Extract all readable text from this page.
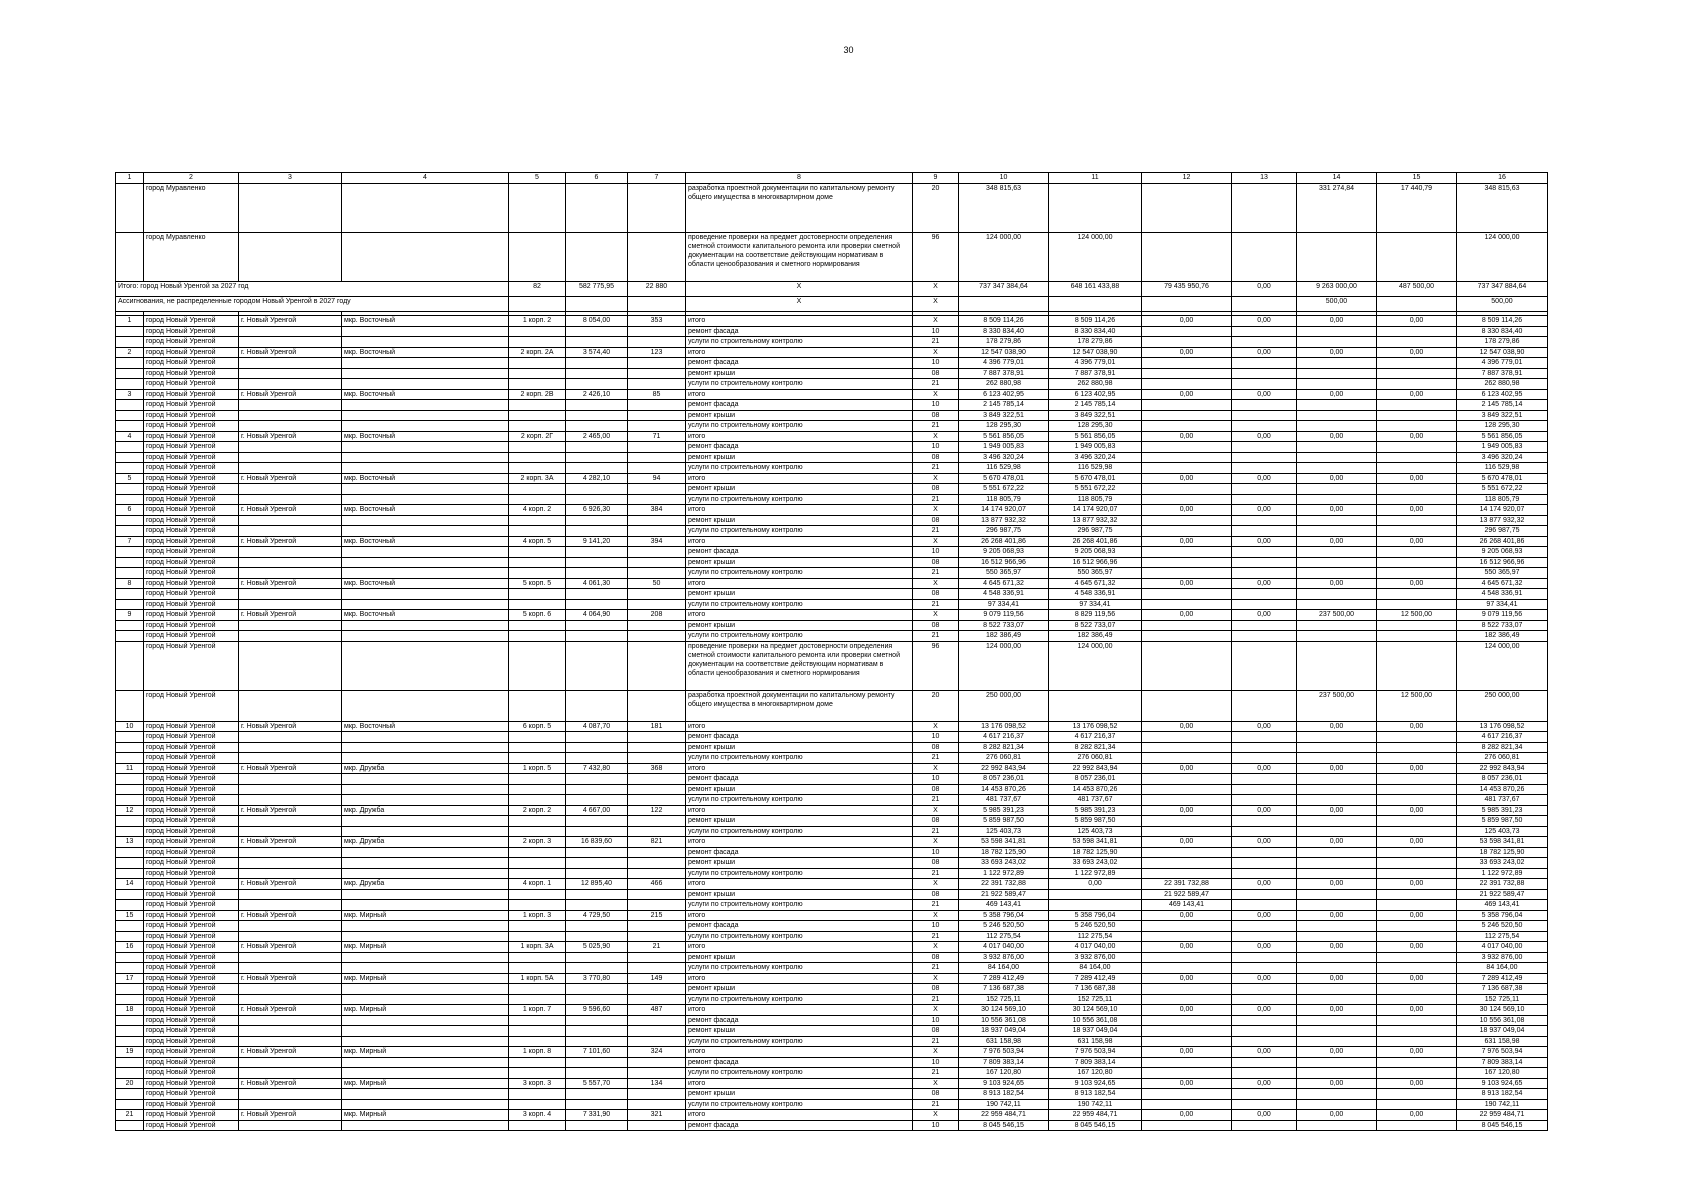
30
1	2	3	4	5	6	7	8	9	10	11	12	13	14	15	16
	город Муравленко						разработка проектной документации по капитальному ремонту общего имущества в многоквартирном доме	20	348 815,63				331 274,84	17 440,79	348 815,63
	город Муравленко						проведение проверки на предмет достоверности определения сметной стоимости капитального ремонта или проверки сметной документации на соответствие действующим нормативам в области ценообразования и сметного нормирования	96	124 000,00	124 000,00					124 000,00
Итого: город Новый Уренгой за 2027 год				82	582 775,95	22 880	X	X	737 347 384,64	648 161 433,88	79 435 950,76	0,00	9 263 000,00	487 500,00	737 347 884,64
Ассигнования, не распределенные городом Новый Уренгой в 2027 году							X	X					500,00		500,00

1	город Новый Уренгой	г. Новый Уренгой	мкр. Восточный	1 корп. 2	8 054,00	353	итого	X	8 509 114,26	8 509 114,26	0,00	0,00	0,00	0,00	8 509 114,26
	город Новый Уренгой						ремонт фасада	10	8 330 834,40	8 330 834,40					8 330 834,40
	город Новый Уренгой						услуги по строительному контролю	21	178 279,86	178 279,86					178 279,86
2	город Новый Уренгой	г. Новый Уренгой	мкр. Восточный	2 корп. 2А	3 574,40	123	итого	X	12 547 038,90	12 547 038,90	0,00	0,00	0,00	0,00	12 547 038,90
	город Новый Уренгой						ремонт фасада	10	4 396 779,01	4 396 779,01					4 396 779,01
	город Новый Уренгой						ремонт крыши	08	7 887 378,91	7 887 378,91					7 887 378,91
	город Новый Уренгой						услуги по строительному контролю	21	262 880,98	262 880,98					262 880,98
3	город Новый Уренгой	г. Новый Уренгой	мкр. Восточный	2 корп. 2В	2 426,10	85	итого	X	6 123 402,95	6 123 402,95	0,00	0,00	0,00	0,00	6 123 402,95
	город Новый Уренгой						ремонт фасада	10	2 145 785,14	2 145 785,14					2 145 785,14
	город Новый Уренгой						ремонт крыши	08	3 849 322,51	3 849 322,51					3 849 322,51
	город Новый Уренгой						услуги по строительному контролю	21	128 295,30	128 295,30					128 295,30
4	город Новый Уренгой	г. Новый Уренгой	мкр. Восточный	2 корп. 2Г	2 465,00	71	итого	X	5 561 856,05	5 561 856,05	0,00	0,00	0,00	0,00	5 561 856,05
	город Новый Уренгой						ремонт фасада	10	1 949 005,83	1 949 005,83					1 949 005,83
	город Новый Уренгой						ремонт крыши	08	3 496 320,24	3 496 320,24					3 496 320,24
	город Новый Уренгой						услуги по строительному контролю	21	116 529,98	116 529,98					116 529,98
5	город Новый Уренгой	г. Новый Уренгой	мкр. Восточный	2 корп. 3А	4 282,10	94	итого	X	5 670 478,01	5 670 478,01	0,00	0,00	0,00	0,00	5 670 478,01
	город Новый Уренгой						ремонт крыши	08	5 551 672,22	5 551 672,22					5 551 672,22
	город Новый Уренгой						услуги по строительному контролю	21	118 805,79	118 805,79					118 805,79
6	город Новый Уренгой	г. Новый Уренгой	мкр. Восточный	4 корп. 2	6 926,30	384	итого	X	14 174 920,07	14 174 920,07	0,00	0,00	0,00	0,00	14 174 920,07
	город Новый Уренгой						ремонт крыши	08	13 877 932,32	13 877 932,32					13 877 932,32
	город Новый Уренгой						услуги по строительному контролю	21	296 987,75	296 987,75					296 987,75
7	город Новый Уренгой	г. Новый Уренгой	мкр. Восточный	4 корп. 5	9 141,20	394	итого	X	26 268 401,86	26 268 401,86	0,00	0,00	0,00	0,00	26 268 401,86
	город Новый Уренгой						ремонт фасада	10	9 205 068,93	9 205 068,93					9 205 068,93
	город Новый Уренгой						ремонт крыши	08	16 512 966,96	16 512 966,96					16 512 966,96
	город Новый Уренгой						услуги по строительному контролю	21	550 365,97	550 365,97					550 365,97
8	город Новый Уренгой	г. Новый Уренгой	мкр. Восточный	5 корп. 5	4 061,30	50	итого	X	4 645 671,32	4 645 671,32	0,00	0,00	0,00	0,00	4 645 671,32
	город Новый Уренгой						ремонт крыши	08	4 548 336,91	4 548 336,91					4 548 336,91
	город Новый Уренгой						услуги по строительному контролю	21	97 334,41	97 334,41					97 334,41
9	город Новый Уренгой	г. Новый Уренгой	мкр. Восточный	5 корп. 6	4 064,90	208	итого	X	9 079 119,56	8 829 119,56	0,00	0,00	237 500,00	12 500,00	9 079 119,56
	город Новый Уренгой						ремонт крыши	08	8 522 733,07	8 522 733,07					8 522 733,07
	город Новый Уренгой						услуги по строительному контролю	21	182 386,49	182 386,49					182 386,49
	город Новый Уренгой						проведение проверки на предмет достоверности определения сметной стоимости капитального ремонта или проверки сметной документации на соответствие действующим нормативам в области ценообразования и сметного нормирования	96	124 000,00	124 000,00					124 000,00
	город Новый Уренгой						разработка проектной документации по капитальному ремонту общего имущества в многоквартирном доме	20	250 000,00				237 500,00	12 500,00	250 000,00
10	город Новый Уренгой	г. Новый Уренгой	мкр. Восточный	6 корп. 5	4 087,70	181	итого	X	13 176 098,52	13 176 098,52	0,00	0,00	0,00	0,00	13 176 098,52
	город Новый Уренгой						ремонт фасада	10	4 617 216,37	4 617 216,37					4 617 216,37
	город Новый Уренгой						ремонт крыши	08	8 282 821,34	8 282 821,34					8 282 821,34
	город Новый Уренгой						услуги по строительному контролю	21	276 060,81	276 060,81					276 060,81
11	город Новый Уренгой	г. Новый Уренгой	мкр. Дружба	1 корп. 5	7 432,80	368	итого	X	22 992 843,94	22 992 843,94	0,00	0,00	0,00	0,00	22 992 843,94
	город Новый Уренгой						ремонт фасада	10	8 057 236,01	8 057 236,01					8 057 236,01
	город Новый Уренгой						ремонт крыши	08	14 453 870,26	14 453 870,26					14 453 870,26
	город Новый Уренгой						услуги по строительному контролю	21	481 737,67	481 737,67					481 737,67
12	город Новый Уренгой	г. Новый Уренгой	мкр. Дружба	2 корп. 2	4 667,00	122	итого	X	5 985 391,23	5 985 391,23	0,00	0,00	0,00	0,00	5 985 391,23
	город Новый Уренгой						ремонт крыши	08	5 859 987,50	5 859 987,50					5 859 987,50
	город Новый Уренгой						услуги по строительному контролю	21	125 403,73	125 403,73					125 403,73
13	город Новый Уренгой	г. Новый Уренгой	мкр. Дружба	2 корп. 3	16 839,60	821	итого	X	53 598 341,81	53 598 341,81	0,00	0,00	0,00	0,00	53 598 341,81
	город Новый Уренгой						ремонт фасада	10	18 782 125,90	18 782 125,90					18 782 125,90
	город Новый Уренгой						ремонт крыши	08	33 693 243,02	33 693 243,02					33 693 243,02
	город Новый Уренгой						услуги по строительному контролю	21	1 122 972,89	1 122 972,89					1 122 972,89
14	город Новый Уренгой	г. Новый Уренгой	мкр. Дружба	4 корп. 1	12 895,40	466	итого	X	22 391 732,88	0,00	22 391 732,88	0,00	0,00	0,00	22 391 732,88
	город Новый Уренгой						ремонт крыши	08	21 922 589,47		21 922 589,47				21 922 589,47
	город Новый Уренгой						услуги по строительному контролю	21	469 143,41		469 143,41				469 143,41
15	город Новый Уренгой	г. Новый Уренгой	мкр. Мирный	1 корп. 3	4 729,50	215	итого	X	5 358 796,04	5 358 796,04	0,00	0,00	0,00	0,00	5 358 796,04
	город Новый Уренгой						ремонт фасада	10	5 246 520,50	5 246 520,50					5 246 520,50
	город Новый Уренгой						услуги по строительному контролю	21	112 275,54	112 275,54					112 275,54
16	город Новый Уренгой	г. Новый Уренгой	мкр. Мирный	1 корп. 3А	5 025,90	21	итого	X	4 017 040,00	4 017 040,00	0,00	0,00	0,00	0,00	4 017 040,00
	город Новый Уренгой						ремонт крыши	08	3 932 876,00	3 932 876,00					3 932 876,00
	город Новый Уренгой						услуги по строительному контролю	21	84 164,00	84 164,00					84 164,00
17	город Новый Уренгой	г. Новый Уренгой	мкр. Мирный	1 корп. 5А	3 770,80	149	итого	X	7 289 412,49	7 289 412,49	0,00	0,00	0,00	0,00	7 289 412,49
	город Новый Уренгой						ремонт крыши	08	7 136 687,38	7 136 687,38					7 136 687,38
	город Новый Уренгой						услуги по строительному контролю	21	152 725,11	152 725,11					152 725,11
18	город Новый Уренгой	г. Новый Уренгой	мкр. Мирный	1 корп. 7	9 596,60	487	итого	X	30 124 569,10	30 124 569,10	0,00	0,00	0,00	0,00	30 124 569,10
	город Новый Уренгой						ремонт фасада	10	10 556 361,08	10 556 361,08					10 556 361,08
	город Новый Уренгой						ремонт крыши	08	18 937 049,04	18 937 049,04					18 937 049,04
	город Новый Уренгой						услуги по строительному контролю	21	631 158,98	631 158,98					631 158,98
19	город Новый Уренгой	г. Новый Уренгой	мкр. Мирный	1 корп. 8	7 101,60	324	итого	X	7 976 503,94	7 976 503,94	0,00	0,00	0,00	0,00	7 976 503,94
	город Новый Уренгой						ремонт фасада	10	7 809 383,14	7 809 383,14					7 809 383,14
	город Новый Уренгой						услуги по строительному контролю	21	167 120,80	167 120,80					167 120,80
20	город Новый Уренгой	г. Новый Уренгой	мкр. Мирный	3 корп. 3	5 557,70	134	итого	X	9 103 924,65	9 103 924,65	0,00	0,00	0,00	0,00	9 103 924,65
	город Новый Уренгой						ремонт крыши	08	8 913 182,54	8 913 182,54					8 913 182,54
	город Новый Уренгой						услуги по строительному контролю	21	190 742,11	190 742,11					190 742,11
21	город Новый Уренгой	г. Новый Уренгой	мкр. Мирный	3 корп. 4	7 331,90	321	итого	X	22 959 484,71	22 959 484,71	0,00	0,00	0,00	0,00	22 959 484,71
	город Новый Уренгой						ремонт фасада	10	8 045 546,15	8 045 546,15					8 045 546,15
